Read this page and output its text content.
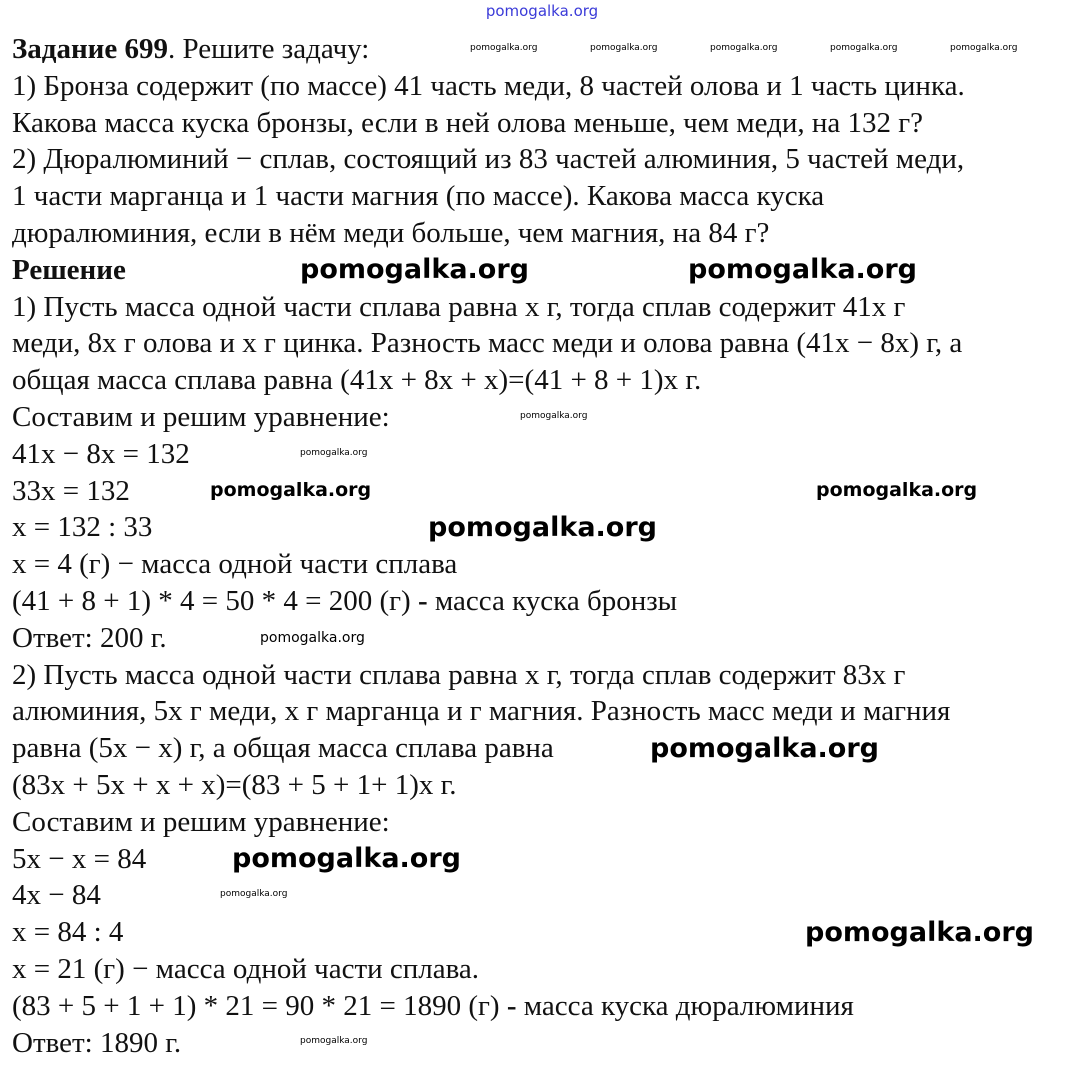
pomogalka.org
Задание 699. Решите задачу:
1) Бронза содержит (по массе) 41 часть меди, 8 частей олова и 1 часть цинка.
Какова масса куска бронзы, если в ней олова меньше, чем меди, на 132 г?
2) Дюралюминий − сплав, состоящий из 83 частей алюминия, 5 частей меди,
1 части марганца и 1 части магния (по массе). Какова масса куска
дюралюминия, если в нём меди больше, чем магния, на 84 г?
Решение
1) Пусть масса одной части сплава равна x г, тогда сплав содержит 41x г
меди, 8x г олова и x г цинка. Разность масс меди и олова равна (41x − 8x) г, а
общая масса сплава равна (41x + 8x + x)=(41 + 8 + 1)x г.
Составим и решим уравнение:
41x − 8x = 132
33x = 132
x = 132 : 33
x = 4 (г) − масса одной части сплава
(41 + 8 + 1) * 4 = 50 * 4 = 200 (г) - масса куска бронзы
Ответ: 200 г.
2) Пусть масса одной части сплава равна x г, тогда сплав содержит 83x г
алюминия, 5x г меди, x г марганца и г магния. Разность масс меди и магния
равна (5x − x) г, а общая масса сплава равна
(83x + 5x + x + x)=(83 + 5 + 1+ 1)x г.
Составим и решим уравнение:
5x − x = 84
4x − 84
x = 84 : 4
x = 21 (г) − масса одной части сплава.
(83 + 5 + 1 + 1) * 21 = 90 * 21 = 1890 (г) - масса куска дюралюминия
Ответ: 1890 г.
pomogalka.org	pomogalka.org	pomogalka.org	pomogalka.org	pomogalka.org
pomogalka.org
pomogalka.org
pomogalka.org
pomogalka.org
pomogalka.org	pomogalka.org
pomogalka.org	pomogalka.org
pomogalka.org
pomogalka.org
pomogalka.org
pomogalka.org
pomogalka.org
